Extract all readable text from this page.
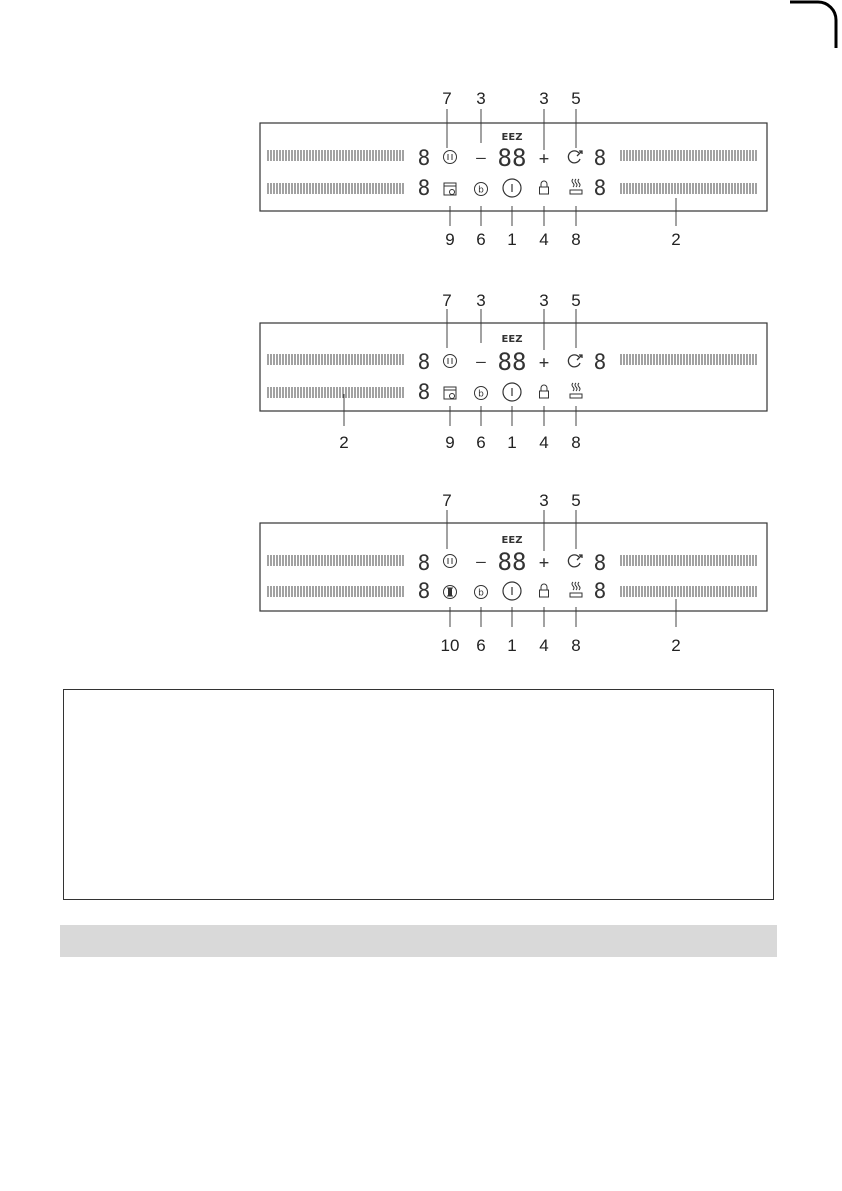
8
8
8
8
EEZ
– 88 +
b
7 3	3 5
9 6 1 4 8	2
8
8
8
EEZ
– 88 +
b
7 3	3 5
2	9 6 1 4 8
8
8
8
8
EEZ
– 88 +
b
7	3 5
10 6 1 4 8	2
